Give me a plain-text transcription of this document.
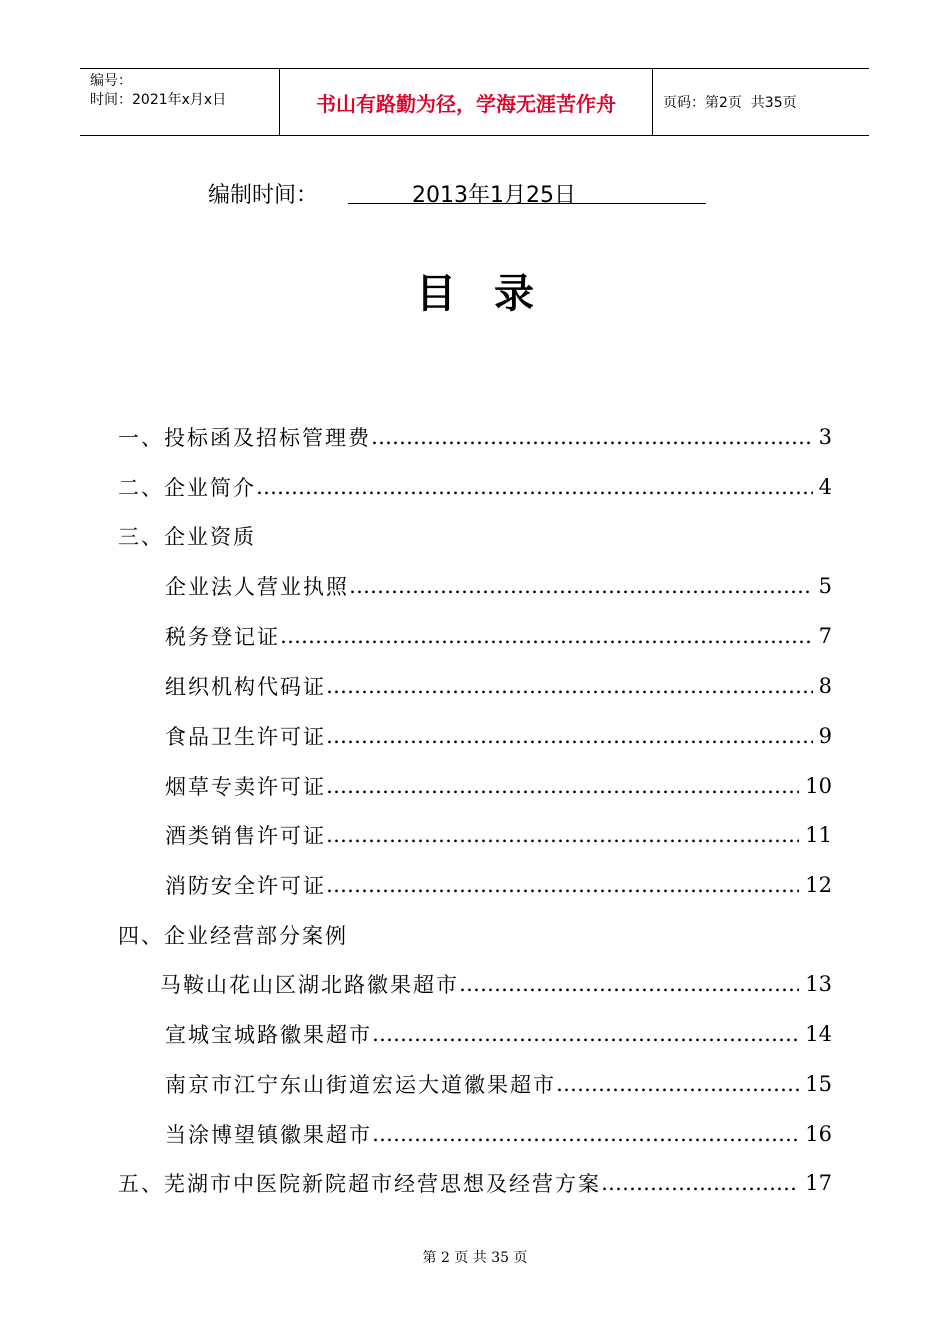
编号：
时间：2021年x月x日	书山有路勤为径，学海无涯苦作舟	页码：第2页  共35页
编制时间：	2013年1月25日
目录
一、投标函及招标管理费 ……………………………………………………………………………………………………………………………………………	3
二、企业简介 ……………………………………………………………………………………………………………………………………………	4
三、企业资质
企业法人营业执照 ……………………………………………………………………………………………………………………………………………	5
税务登记证 ……………………………………………………………………………………………………………………………………………	7
组织机构代码证 ……………………………………………………………………………………………………………………………………………	8
食品卫生许可证 ……………………………………………………………………………………………………………………………………………	9
烟草专卖许可证 ……………………………………………………………………………………………………………………………………………	10
酒类销售许可证 ……………………………………………………………………………………………………………………………………………	11
消防安全许可证 ……………………………………………………………………………………………………………………………………………	12
四、企业经营部分案例
马鞍山花山区湖北路徽果超市 ……………………………………………………………………………………………………………………………………………	13
宣城宝城路徽果超市 ……………………………………………………………………………………………………………………………………………	14
南京市江宁东山街道宏运大道徽果超市 ……………………………………………………………………………………………………………………………………………	15
当涂博望镇徽果超市 ……………………………………………………………………………………………………………………………………………	16
五、芜湖市中医院新院超市经营思想及经营方案 ……………………………………………………………………………………………………………………………………………	17
第 2 页 共 35 页
